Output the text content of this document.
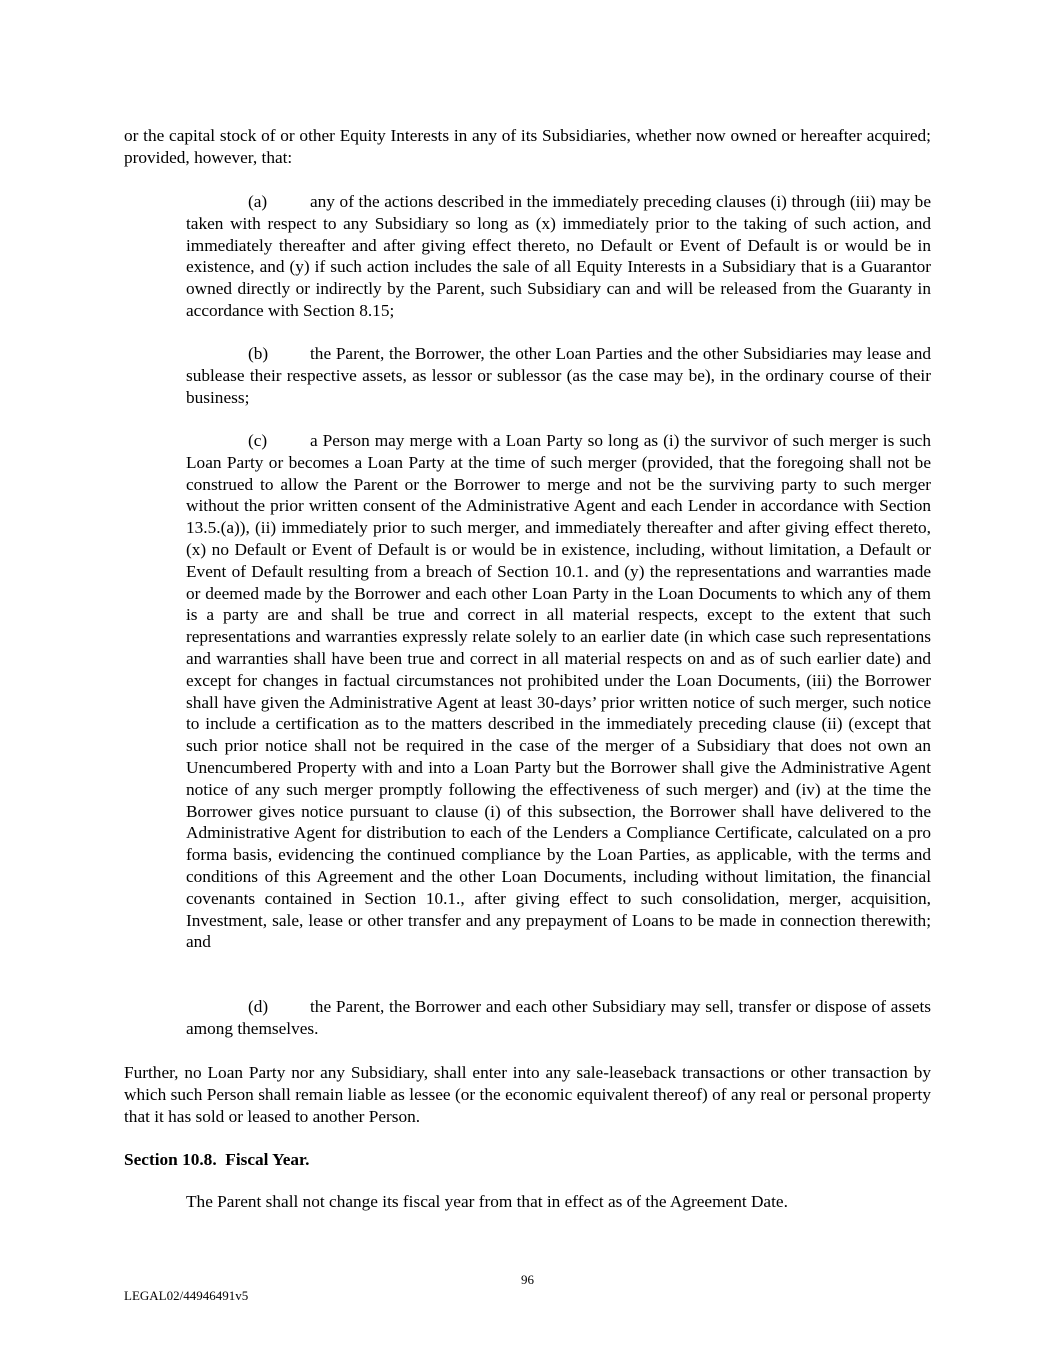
or the capital stock of or other Equity Interests in any of its Subsidiaries, whether now owned or hereafter acquired; provided, however, that:

(a) any of the actions described in the immediately preceding clauses (i) through (iii) may be taken with respect to any Subsidiary so long as (x) immediately prior to the taking of such action, and immediately thereafter and after giving effect thereto, no Default or Event of Default is or would be in existence, and (y) if such action includes the sale of all Equity Interests in a Subsidiary that is a Guarantor owned directly or indirectly by the Parent, such Subsidiary can and will be released from the Guaranty in accordance with Section 8.15;

(b) the Parent, the Borrower, the other Loan Parties and the other Subsidiaries may lease and sublease their respective assets, as lessor or sublessor (as the case may be), in the ordinary course of their business;

(c) a Person may merge with a Loan Party so long as (i) the survivor of such merger is such Loan Party or becomes a Loan Party at the time of such merger (provided, that the foregoing shall not be construed to allow the Parent or the Borrower to merge and not be the surviving party to such merger without the prior written consent of the Administrative Agent and each Lender in accordance with Section 13.5.(a)), (ii) immediately prior to such merger, and immediately thereafter and after giving effect thereto, (x) no Default or Event of Default is or would be in existence, including, without limitation, a Default or Event of Default resulting from a breach of Section 10.1. and (y) the representations and warranties made or deemed made by the Borrower and each other Loan Party in the Loan Documents to which any of them is a party are and shall be true and correct in all material respects, except to the extent that such representations and warranties expressly relate solely to an earlier date (in which case such representations and warranties shall have been true and correct in all material respects on and as of such earlier date) and except for changes in factual circumstances not prohibited under the Loan Documents, (iii) the Borrower shall have given the Administrative Agent at least 30-days’ prior written notice of such merger, such notice to include a certification as to the matters described in the immediately preceding clause (ii) (except that such prior notice shall not be required in the case of the merger of a Subsidiary that does not own an Unencumbered Property with and into a Loan Party but the Borrower shall give the Administrative Agent notice of any such merger promptly following the effectiveness of such merger) and (iv) at the time the Borrower gives notice pursuant to clause (i) of this subsection, the Borrower shall have delivered to the Administrative Agent for distribution to each of the Lenders a Compliance Certificate, calculated on a pro forma basis, evidencing the continued compliance by the Loan Parties, as applicable, with the terms and conditions of this Agreement and the other Loan Documents, including without limitation, the financial covenants contained in Section 10.1., after giving effect to such consolidation, merger, acquisition, Investment, sale, lease or other transfer and any prepayment of Loans to be made in connection therewith; and

(d) the Parent, the Borrower and each other Subsidiary may sell, transfer or dispose of assets among themselves.

Further, no Loan Party nor any Subsidiary, shall enter into any sale-leaseback transactions or other transaction by which such Person shall remain liable as lessee (or the economic equivalent thereof) of any real or personal property that it has sold or leased to another Person.

Section 10.8.  Fiscal Year.

The Parent shall not change its fiscal year from that in effect as of the Agreement Date.

96
LEGAL02/44946491v5
